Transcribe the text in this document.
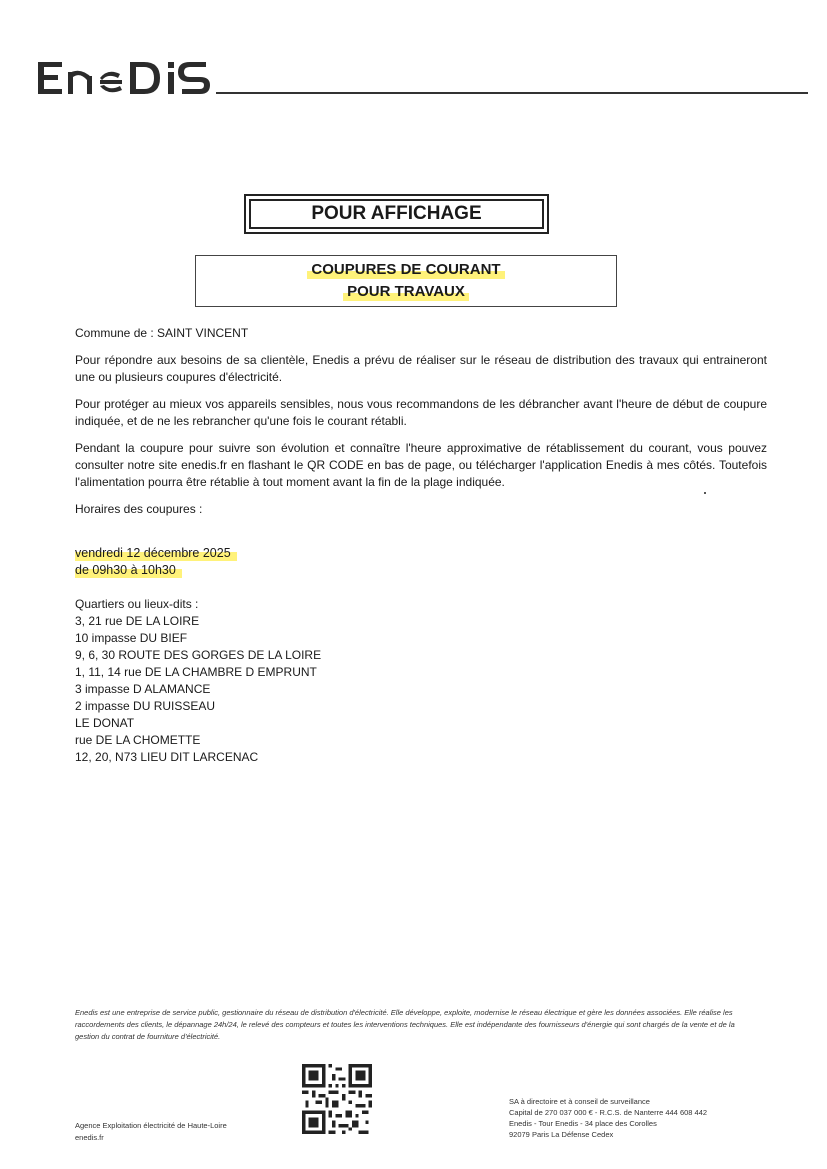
POUR AFFICHAGE
COUPURES DE COURANT
POUR TRAVAUX

Commune de : SAINT VINCENT

Pour répondre aux besoins de sa clientèle, Enedis a prévu de réaliser sur le réseau de distribution des travaux qui entraineront une ou plusieurs coupures d'électricité.

Pour protéger au mieux vos appareils sensibles, nous vous recommandons de les débrancher avant l'heure de début de coupure indiquée, et de ne les rebrancher qu'une fois le courant rétabli.

Pendant la coupure pour suivre son évolution et connaître l'heure approximative de rétablissement du courant, vous pouvez consulter notre site enedis.fr en flashant le QR CODE en bas de page, ou télécharger l'application Enedis à mes côtés. Toutefois l'alimentation pourra être rétablie à tout moment avant la fin de la plage indiquée.

Horaires des coupures :

vendredi 12 décembre 2025
de 09h30 à 10h30
Quartiers ou lieux-dits :
3, 21 rue DE LA LOIRE
10 impasse DU BIEF
9, 6, 30 ROUTE DES GORGES DE LA LOIRE
1, 11, 14 rue DE LA CHAMBRE D EMPRUNT
3 impasse D ALAMANCE
2 impasse DU RUISSEAU
LE DONAT
rue DE LA CHOMETTE
12, 20, N73 LIEU DIT LARCENAC
Enedis est une entreprise de service public, gestionnaire du réseau de distribution d'électricité. Elle développe, exploite, modernise le réseau électrique et gère les données associées. Elle réalise les raccordements des clients, le dépannage 24h/24, le relevé des compteurs et toutes les interventions techniques. Elle est indépendante des fournisseurs d'énergie qui sont chargés de la vente et de la gestion du contrat de fourniture d'électricité.
Agence Exploitation électricité de Haute-Loire
enedis.fr
SA à directoire et à conseil de surveillance
Capital de 270 037 000 € - R.C.S. de Nanterre 444 608 442
Enedis - Tour Enedis - 34 place des Corolles
92079 Paris La Défense Cedex
